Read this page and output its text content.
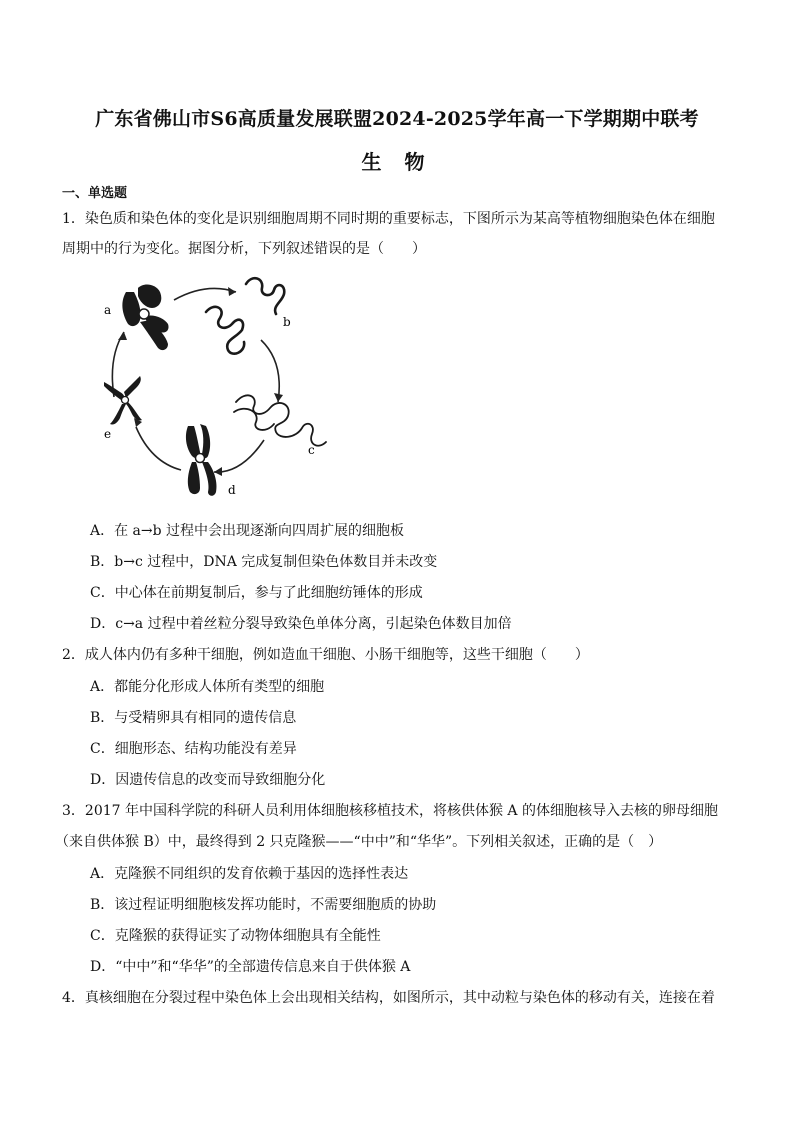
广东省佛山市S6高质量发展联盟2024-2025学年高一下学期期中联考
生 物
一、单选题
1．染色质和染色体的变化是识别细胞周期不同时期的重要标志，下图所示为某高等植物细胞染色体在细胞
周期中的行为变化。据图分析，下列叙述错误的是（　　）
a
b
c
d
e
A．在 a→b 过程中会出现逐渐向四周扩展的细胞板
B．b→c 过程中，DNA 完成复制但染色体数目并未改变
C．中心体在前期复制后，参与了此细胞纺锤体的形成
D．c→a 过程中着丝粒分裂导致染色单体分离，引起染色体数目加倍
2．成人体内仍有多种干细胞，例如造血干细胞、小肠干细胞等，这些干细胞（　　）
A．都能分化形成人体所有类型的细胞
B．与受精卵具有相同的遗传信息
C．细胞形态、结构功能没有差异
D．因遗传信息的改变而导致细胞分化
3．2017 年中国科学院的科研人员利用体细胞核移植技术，将核供体猴 A 的体细胞核导入去核的卵母细胞
（来自供体猴 B）中，最终得到 2 只克隆猴——“中中”和“华华”。下列相关叙述，正确的是（　）
A．克隆猴不同组织的发育依赖于基因的选择性表达
B．该过程证明细胞核发挥功能时，不需要细胞质的协助
C．克隆猴的获得证实了动物体细胞具有全能性
D．“中中”和“华华”的全部遗传信息来自于供体猴 A
4．真核细胞在分裂过程中染色体上会出现相关结构，如图所示，其中动粒与染色体的移动有关，连接在着
